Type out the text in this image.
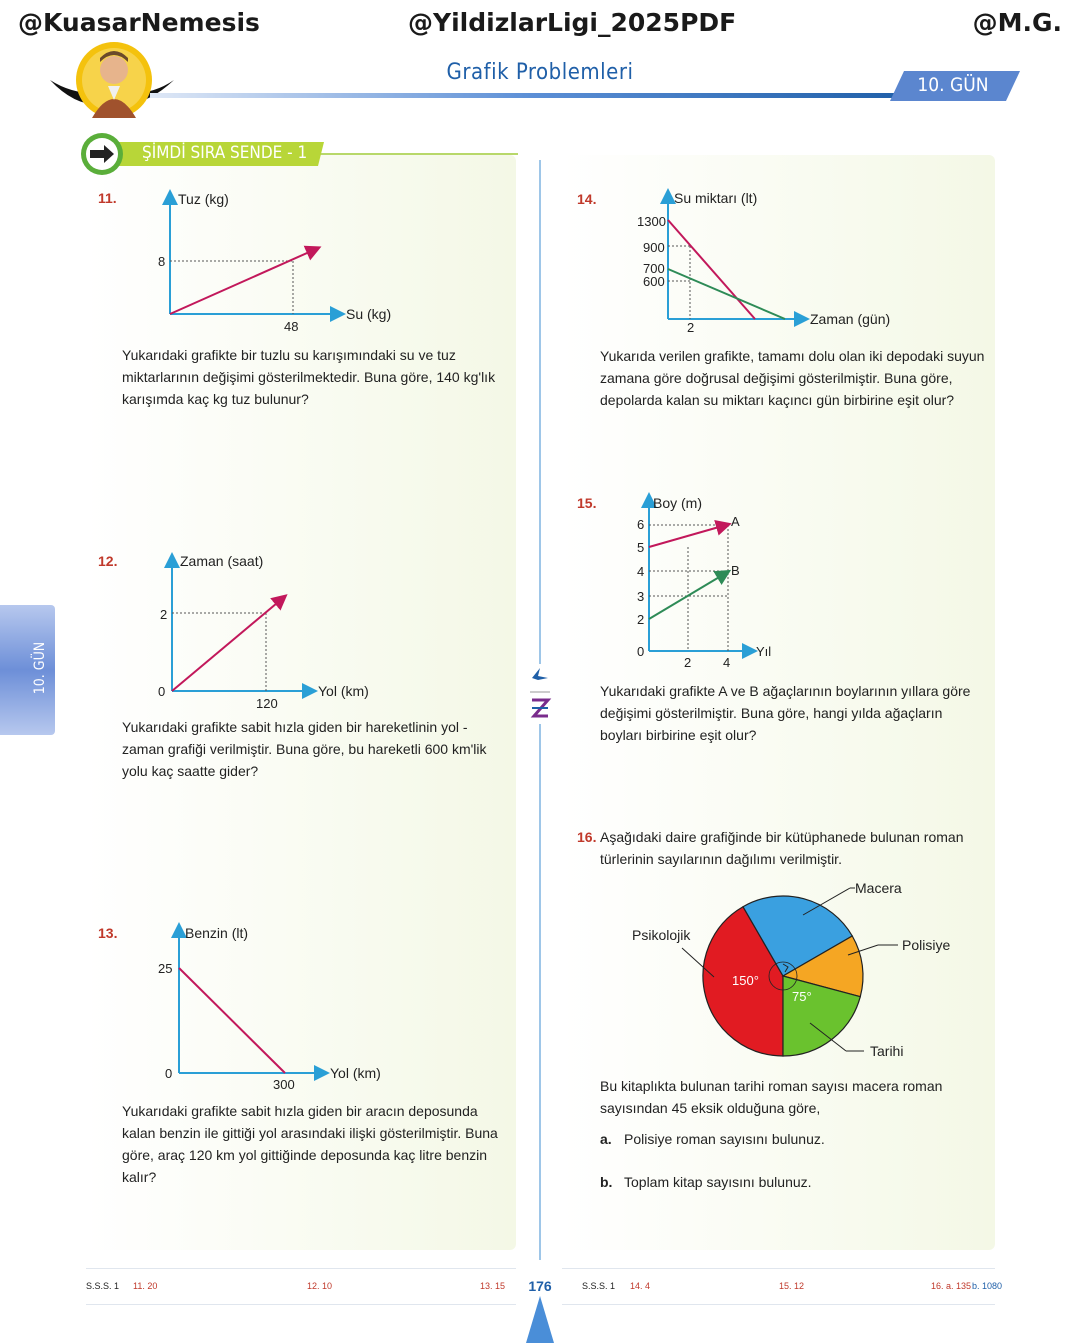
@KuasarNemesis	@YildizlarLigi_2025PDF	@M.G.
Grafik Problemleri	10. GÜN
ŞİMDİ SIRA SENDE - 1
10. GÜN
11.	Tuz (kg)
Su (kg)
8
48
Yukarıdaki grafikte bir tuzlu su karışımındaki su ve tuz miktarlarının değişimi gösterilmektedir. Buna göre, 140 kg'lık karışımda kaç kg tuz bulunur?
12.	Zaman (saat)
Yol (km)
2
0
120
Yukarıdaki grafikte sabit hızla giden bir hareketlinin yol - zaman grafiği verilmiştir. Buna göre, bu hareketli 600 km'lik yolu kaç saatte gider?
13.	Benzin (lt)
Yol (km)
25
0
300
Yukarıdaki grafikte sabit hızla giden bir aracın deposunda kalan benzin ile gittiği yol arasındaki ilişki gösterilmiştir. Buna göre, araç 120 km yol gittiğinde deposunda kaç litre benzin kalır?
14.	Su miktarı (lt)
Zaman (gün)
1300
900
700
600
2
Yukarıda verilen grafikte, tamamı dolu olan iki depodaki suyun zamana göre doğrusal değişimi gösterilmiştir. Buna göre, depolarda kalan su miktarı kaçıncı gün birbirine eşit olur?
15.	Boy (m)
Yıl
A
B
6
5
4
3
2
0
2 4
Yukarıdaki grafikte A ve B ağaçlarının boylarının yıllara göre değişimi gösterilmiştir. Buna göre, hangi yılda ağaçların boyları birbirine eşit olur?
16. Aşağıdaki daire grafiğinde bir kütüphanede bulunan roman türlerinin sayılarının dağılımı verilmiştir.
Macera
Polisiye
Psikolojik
Tarihi
150°
75°
Bu kitaplıkta bulunan tarihi roman sayısı macera roman sayısından 45 eksik olduğuna göre,
a. Polisiye roman sayısını bulunuz.
b. Toplam kitap sayısını bulunuz.
S.S.S. 1 11. 20	12. 10	13. 15	176	S.S.S. 1 14. 4	15. 12	16. a. 135 b. 1080
